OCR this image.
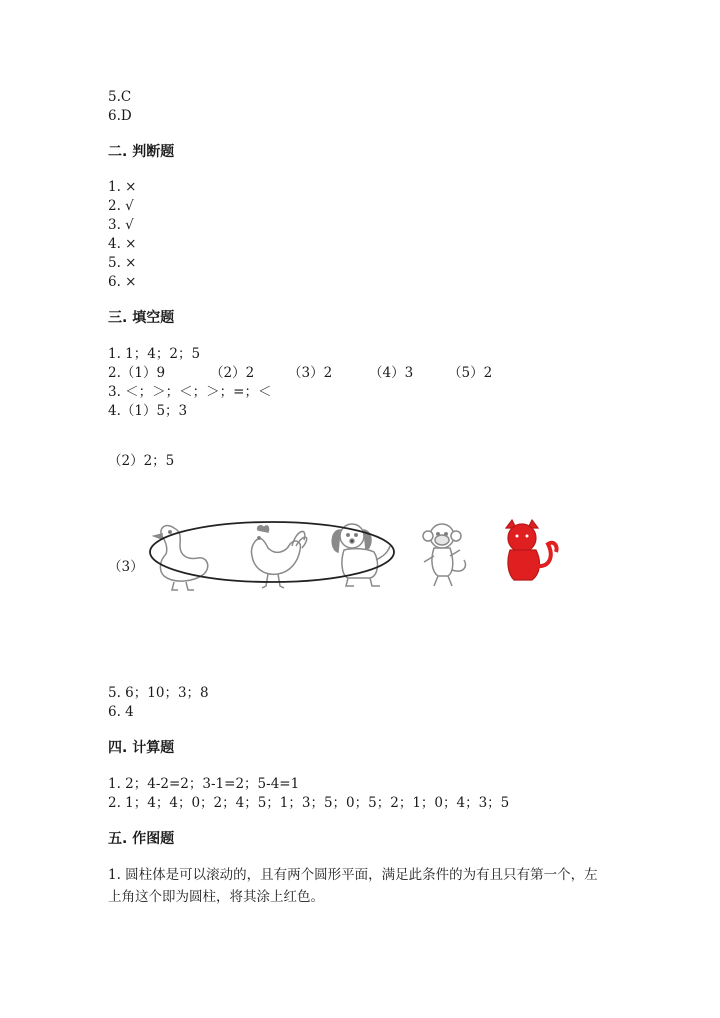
5.C
6.D
二. 判断题
1. ×
2. √
3. √
4. ×
5. ×
6. ×
三. 填空题
1. 1；4；2；5

2.（1）9

	（2）2

	（3）2

	（4）3

	（5）2

3. ＜；＞；＜；＞；=；＜
4.（1）5；3
（2）2；5
（3）
5. 6；10；3；8
6. 4
四. 计算题
1. 2；4-2=2；3-1=2；5-4=1
2. 1；4；4；0；2；4；5；1；3；5；0；5；2；1；0；4；3；5
五. 作图题
1. 圆柱体是可以滚动的，且有两个圆形平面，满足此条件的为有且只有第一个，左上角这个即为圆柱，将其涂上红色。
